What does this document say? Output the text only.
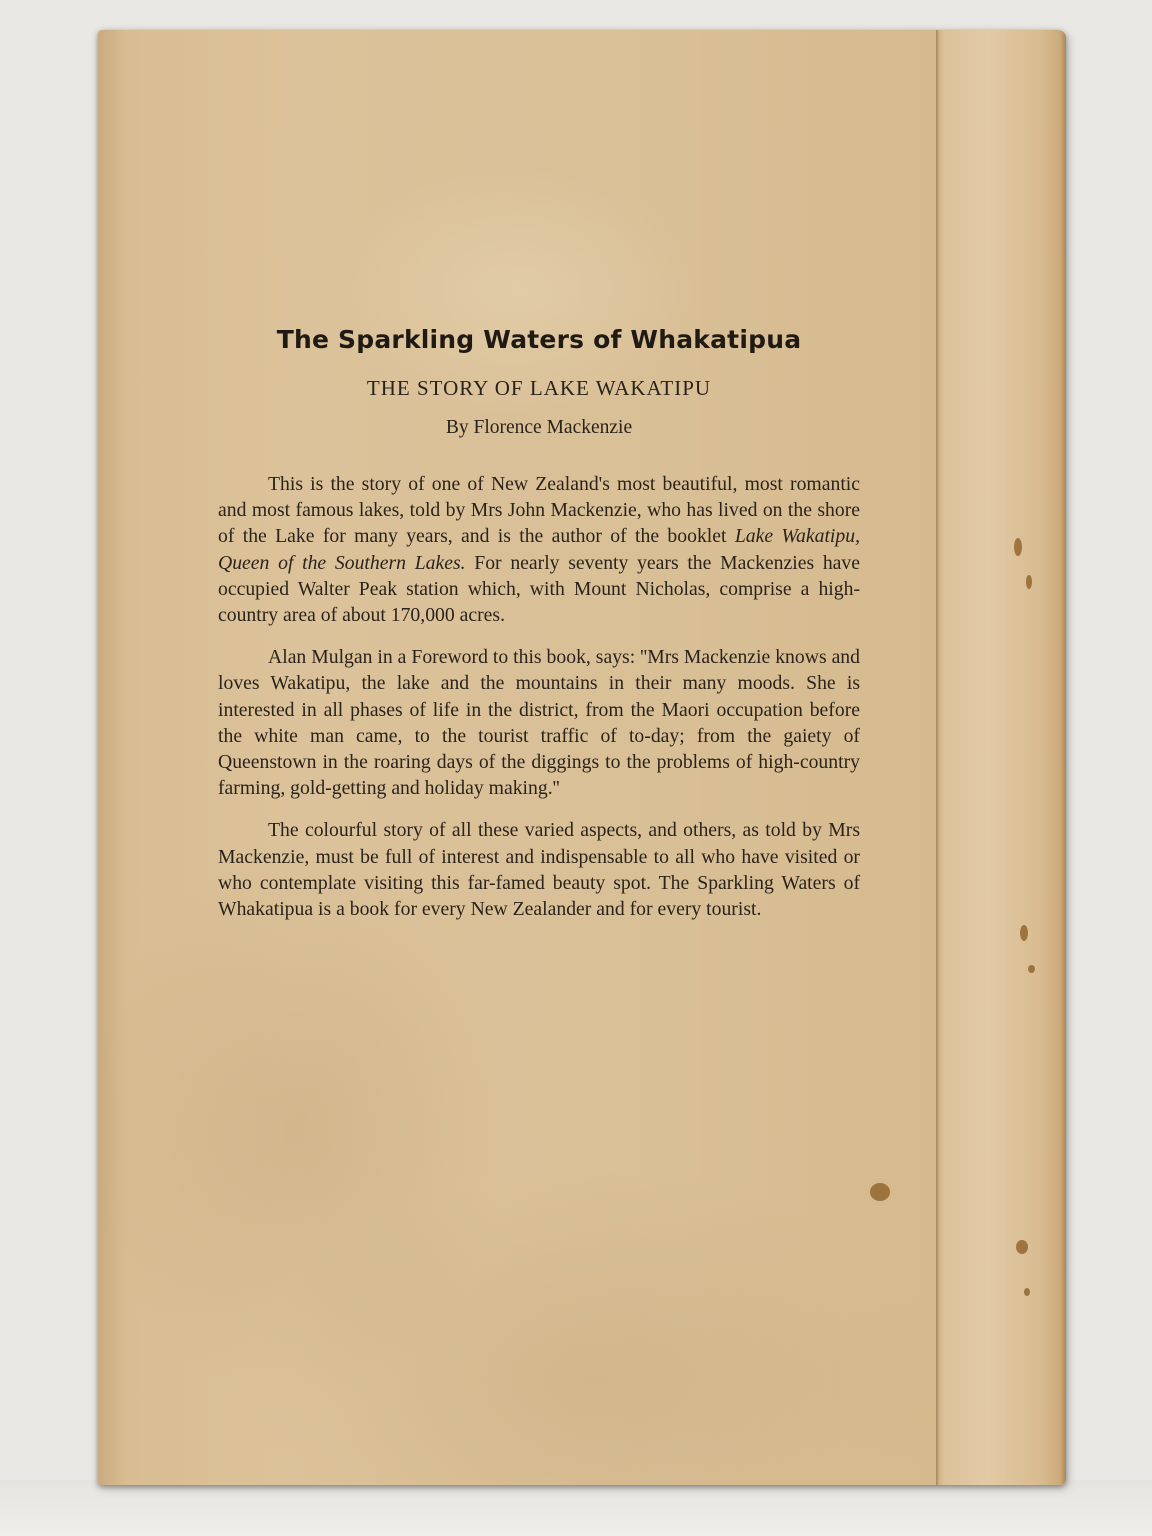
The Sparkling Waters of Whakatipua

THE STORY OF LAKE WAKATIPU

By Florence Mackenzie

This is the story of one of New Zealand's most beautiful, most romantic and most famous lakes, told by Mrs John Mackenzie, who has lived on the shore of the Lake for many years, and is the author of the booklet Lake Wakatipu, Queen of the Southern Lakes. For nearly seventy years the Mackenzies have occupied Walter Peak station which, with Mount Nicholas, comprise a high-country area of about 170,000 acres.

Alan Mulgan in a Foreword to this book, says: ''Mrs Mackenzie knows and loves Wakatipu, the lake and the mountains in their many moods. She is interested in all phases of life in the district, from the Maori occupation before the white man came, to the tourist traffic of to-day; from the gaiety of Queenstown in the roaring days of the diggings to the problems of high-country farming, gold-getting and holiday making.''

The colourful story of all these varied aspects, and others, as told by Mrs Mackenzie, must be full of interest and indispensable to all who have visited or who contemplate visiting this far-famed beauty spot. The Sparkling Waters of Whakatipua is a book for every New Zealander and for every tourist.
